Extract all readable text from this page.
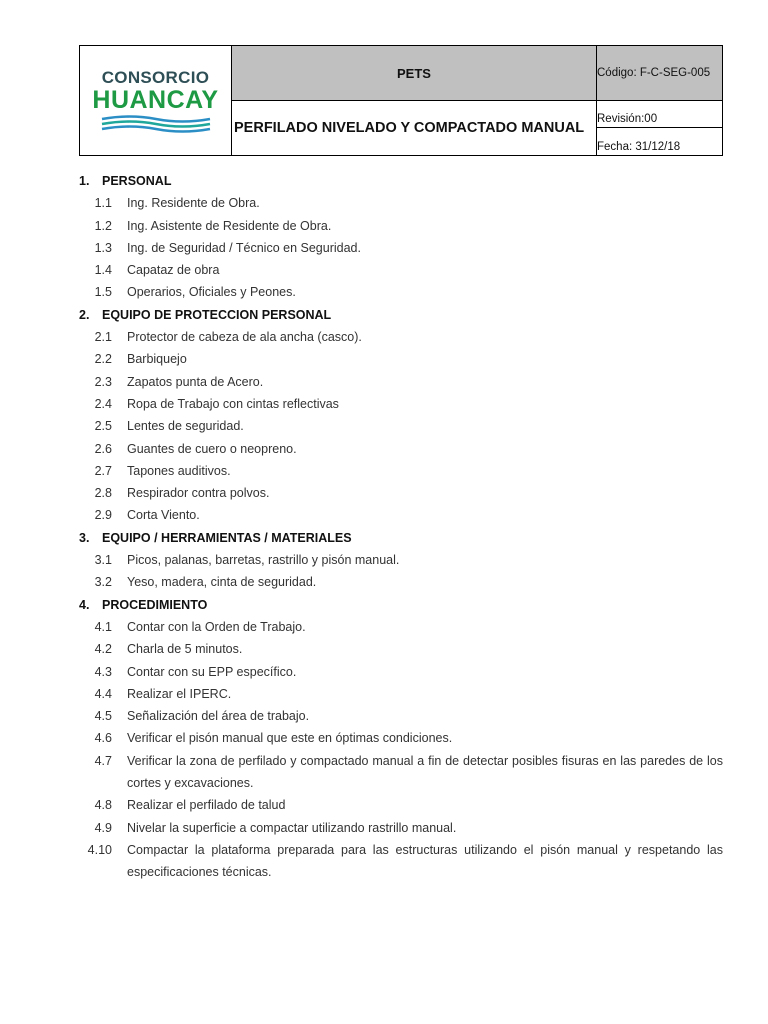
CONSORCIO
HUANCAY	PETS	Código: F-C-SEG-005
	PERFILADO NIVELADO Y COMPACTADO MANUAL	Revisión:00
		Fecha: 31/12/18
1.	PERSONAL
1.1 Ing. Residente de Obra.
1.2 Ing. Asistente de Residente de Obra.
1.3 Ing. de Seguridad / Técnico en Seguridad.
1.4 Capataz de obra
1.5 Operarios, Oficiales y Peones.
2.	EQUIPO DE PROTECCION PERSONAL
2.1 Protector de cabeza de ala ancha (casco).
2.2 Barbiquejo
2.3 Zapatos punta de Acero.
2.4 Ropa de Trabajo con cintas reflectivas
2.5 Lentes de seguridad.
2.6 Guantes de cuero o neopreno.
2.7 Tapones auditivos.
2.8 Respirador contra polvos.
2.9 Corta Viento.
3.	EQUIPO / HERRAMIENTAS / MATERIALES
3.1 Picos, palanas, barretas, rastrillo y pisón manual.
3.2 Yeso, madera, cinta de seguridad.
4.	PROCEDIMIENTO
4.1 Contar con la Orden de Trabajo.
4.2 Charla de 5 minutos.
4.3 Contar con su EPP específico.
4.4 Realizar el IPERC.
4.5 Señalización del área de trabajo.
4.6 Verificar el pisón manual que este en óptimas condiciones.
4.7 Verificar la zona de perfilado y compactado manual a fin de detectar posibles fisuras en las paredes de los cortes y excavaciones.
4.8 Realizar el perfilado de talud
4.9 Nivelar la superficie a compactar utilizando rastrillo manual.
4.10 Compactar la plataforma preparada para las estructuras utilizando el pisón manual y respetando las especificaciones técnicas.
